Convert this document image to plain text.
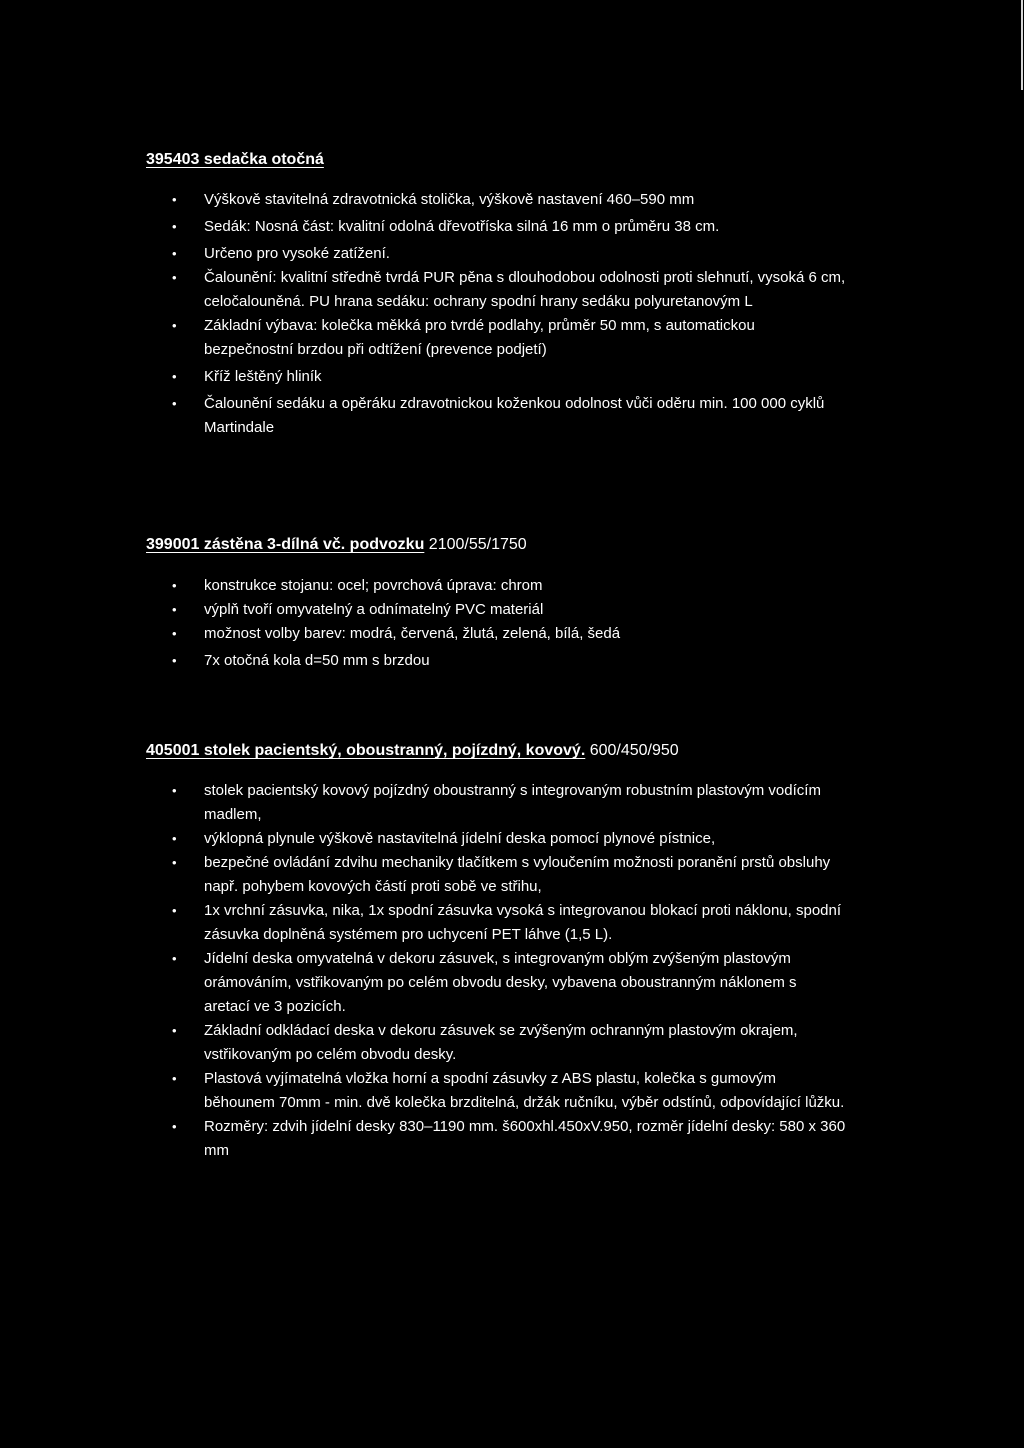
395403 sedačka otočná

• Výškově stavitelná zdravotnická stolička, výškově nastavení 460–590 mm
• Sedák: Nosná část: kvalitní odolná dřevotříska silná 16 mm o průměru 38 cm.
• Určeno pro vysoké zatížení.
• Čalounění: kvalitní středně tvrdá PUR pěna s dlouhodobou odolnosti proti slehnutí, vysoká 6 cm, celočalouněná. PU hrana sedáku: ochrany spodní hrany sedáku polyuretanovým L
• Základní výbava: kolečka měkká pro tvrdé podlahy, průměr 50 mm, s automatickou bezpečnostní brzdou při odtížení (prevence podjetí)
• Kříž leštěný hliník
• Čalounění sedáku a opěráku zdravotnickou koženkou odolnost vůči oděru min. 100 000 cyklů Martindale

399001 zástěna 3-dílná vč. podvozku 2100/55/1750

• konstrukce stojanu: ocel; povrchová úprava: chrom
• výplň tvoří omyvatelný a odnímatelný PVC materiál
• možnost volby barev: modrá, červená, žlutá, zelená, bílá, šedá
• 7x otočná kola d=50 mm s brzdou

405001 stolek pacientský, oboustranný, pojízdný, kovový. 600/450/950

• stolek pacientský kovový pojízdný oboustranný s integrovaným robustním plastovým vodícím madlem,
• výklopná plynule výškově nastavitelná jídelní deska pomocí plynové pístnice,
• bezpečné ovládání zdvihu mechaniky tlačítkem s vyloučením možnosti poranění prstů obsluhy např. pohybem kovových částí proti sobě ve střihu,
• 1x vrchní zásuvka, nika, 1x spodní zásuvka vysoká s integrovanou blokací proti náklonu, spodní zásuvka doplněná systémem pro uchycení PET láhve (1,5 L).
• Jídelní deska omyvatelná v dekoru zásuvek, s integrovaným oblým zvýšeným plastovým orámováním, vstřikovaným po celém obvodu desky, vybavena oboustranným náklonem s aretací ve 3 pozicích.
• Základní odkládací deska v dekoru zásuvek se zvýšeným ochranným plastovým okrajem, vstřikovaným po celém obvodu desky.
• Plastová vyjímatelná vložka horní a spodní zásuvky z ABS plastu, kolečka s gumovým běhounem 70mm - min. dvě kolečka brzditelná, držák ručníku, výběr odstínů, odpovídající lůžku.
• Rozměry: zdvih jídelní desky 830–1190 mm. š600xhl.450xV.950, rozměr jídelní desky: 580 x 360 mm
